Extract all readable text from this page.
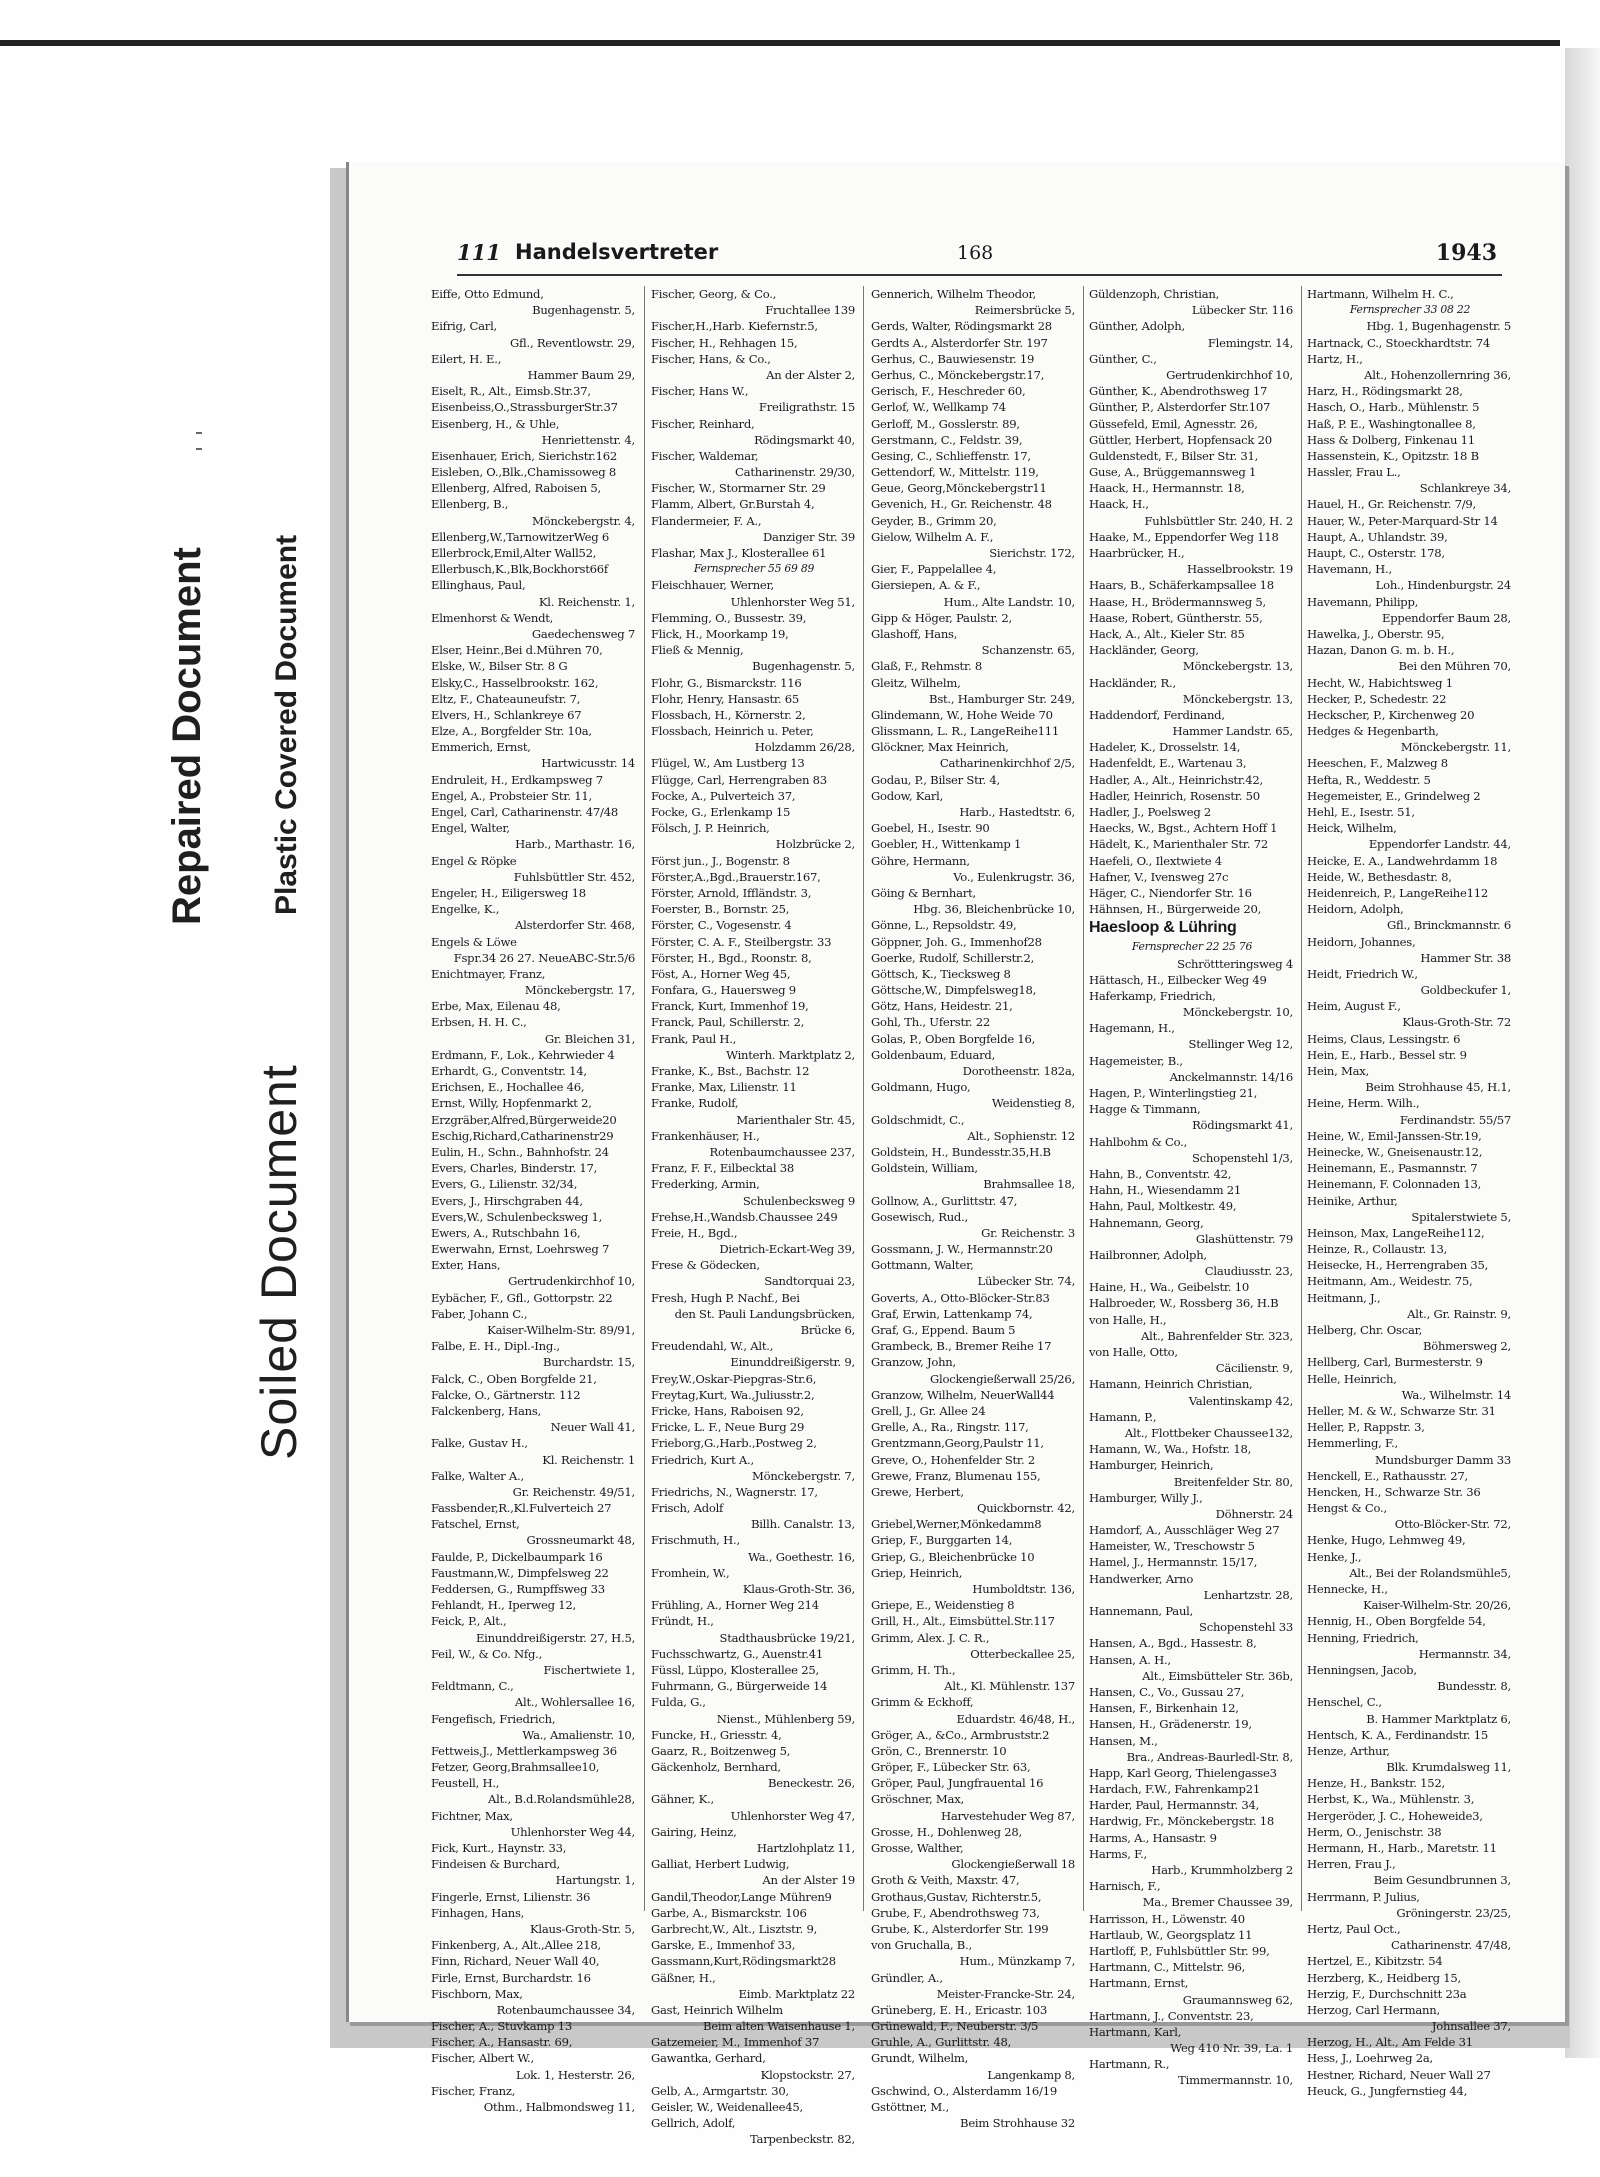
Repaired Document Plastic Covered Document
Soiled Document
111 Handelsvertreter	168	1943
Eiffe, Otto Edmund,
Bugenhagenstr. 5,
Eifrig, Carl,
Gfl., Reventlowstr. 29,
Eilert, H. E.,
Hammer Baum 29,
Eiselt, R., Alt., Eimsb.Str.37,
Eisenbeiss,O.,StrassburgerStr.37
Eisenberg, H., & Uhle,
Henriettenstr. 4,
Eisenhauer, Erich, Sierichstr.162
Eisleben, O.,Blk.,Chamissoweg 8
Ellenberg, Alfred, Raboisen 5,
Ellenberg, B.,
Mönckebergstr. 4,
Ellenberg,W.,TarnowitzerWeg 6
Ellerbrock,Emil,Alter Wall52,
Ellerbusch,K.,Blk,Bockhorst66f
Ellinghaus, Paul,
Kl. Reichenstr. 1,
Elmenhorst & Wendt,
Gaedechensweg 7
Elser, Heinr.,Bei d.Mühren 70,
Elske, W., Bilser Str. 8 G
Elsky,C., Hasselbrookstr. 162,
Eltz, F., Chateauneufstr. 7,
Elvers, H., Schlankreye 67
Elze, A., Borgfelder Str. 10a,
Emmerich, Ernst,
Hartwicusstr. 14
Endruleit, H., Erdkampsweg 7
Engel, A., Probsteier Str. 11,
Engel, Carl, Catharinenstr. 47/48
Engel, Walter,
Harb., Marthastr. 16,
Engel & Röpke
Fuhlsbüttler Str. 452,
Engeler, H., Eiligersweg 18
Engelke, K.,
Alsterdorfer Str. 468,
Engels & Löwe
Fspr.34 26 27. NeueABC-Str.5/6
Enichtmayer, Franz,
Mönckebergstr. 17,
Erbe, Max, Eilenau 48,
Erbsen, H. H. C.,
Gr. Bleichen 31,
Erdmann, F., Lok., Kehrwieder 4
Erhardt, G., Conventstr. 14,
Erichsen, E., Hochallee 46,
Ernst, Willy, Hopfenmarkt 2,
Erzgräber,Alfred,Bürgerweide20
Eschig,Richard,Catharinenstr29
Eulin, H., Schn., Bahnhofstr. 24
Evers, Charles, Binderstr. 17,
Evers, G., Lilienstr. 32/34,
Evers, J., Hirschgraben 44,
Evers,W., Schulenbecksweg 1,
Ewers, A., Rutschbahn 16,
Ewerwahn, Ernst, Loehrsweg 7
Exter, Hans,
Gertrudenkirchhof 10,
Eybächer, F., Gfl., Gottorpstr. 22
Faber, Johann C.,
Kaiser-Wilhelm-Str. 89/91,
Falbe, E. H., Dipl.-Ing.,
Burchardstr. 15,
Falck, C., Oben Borgfelde 21,
Falcke, O., Gärtnerstr. 112
Falckenberg, Hans,
Neuer Wall 41,
Falke, Gustav H.,
Kl. Reichenstr. 1
Falke, Walter A.,
Gr. Reichenstr. 49/51,
Fassbender,R.,Kl.Fulverteich 27
Fatschel, Ernst,
Grossneumarkt 48,
Faulde, P., Dickelbaumpark 16
Faustmann,W., Dimpfelsweg 22
Feddersen, G., Rumpffsweg 33
Fehlandt, H., Iperweg 12,
Feick, P., Alt.,
Einunddreißigerstr. 27, H.5,
Feil, W., & Co. Nfg.,
Fischertwiete 1,
Feldtmann, C.,
Alt., Wohlersallee 16,
Fengefisch, Friedrich,
Wa., Amalienstr. 10,
Fettweis,J., Mettlerkampsweg 36
Fetzer, Georg,Brahmsallee10,
Feustell, H.,
Alt., B.d.Rolandsmühle28,
Fichtner, Max,
Uhlenhorster Weg 44,
Fick, Kurt., Haynstr. 33,
Findeisen & Burchard,
Hartungstr. 1,
Fingerle, Ernst, Lilienstr. 36
Finhagen, Hans,
Klaus-Groth-Str. 5,
Finkenberg, A., Alt.,Allee 218,
Finn, Richard, Neuer Wall 40,
Firle, Ernst, Burchardstr. 16
Fischborn, Max,
Rotenbaumchaussee 34,
Fischer, A., Stuvkamp 13
Fischer, A., Hansastr. 69,
Fischer, Albert W.,
Lok. 1, Hesterstr. 26,
Fischer, Franz,
Othm., Halbmondsweg 11,
Fischer, Georg, & Co.,
Fruchtallee 139
Fischer,H.,Harb. Kiefernstr.5,
Fischer, H., Rehhagen 15,
Fischer, Hans, & Co.,
An der Alster 2,
Fischer, Hans W.,
Freiligrathstr. 15
Fischer, Reinhard,
Rödingsmarkt 40,
Fischer, Waldemar,
Catharinenstr. 29/30,
Fischer, W., Stormarner Str. 29
Flamm, Albert, Gr.Burstah 4,
Flandermeier, F. A.,
Danziger Str. 39
Flashar, Max J., Klosterallee 61
Fernsprecher 55 69 89
Fleischhauer, Werner,
Uhlenhorster Weg 51,
Flemming, O., Bussestr. 39,
Flick, H., Moorkamp 19,
Fließ & Mennig,
Bugenhagenstr. 5,
Flohr, G., Bismarckstr. 116
Flohr, Henry, Hansastr. 65
Flossbach, H., Körnerstr. 2,
Flossbach, Heinrich u. Peter,
Holzdamm 26/28,
Flügel, W., Am Lustberg 13
Flügge, Carl, Herrengraben 83
Focke, A., Pulverteich 37,
Focke, G., Erlenkamp 15
Fölsch, J. P. Heinrich,
Holzbrücke 2,
Först jun., J., Bogenstr. 8
Förster,A.,Bgd.,Brauerstr.167,
Förster, Arnold, Iffländstr. 3,
Foerster, B., Bornstr. 25,
Förster, C., Vogesenstr. 4
Förster, C. A. F., Steilbergstr. 33
Förster, H., Bgd., Roonstr. 8,
Föst, A., Horner Weg 45,
Fonfara, G., Hauersweg 9
Franck, Kurt, Immenhof 19,
Franck, Paul, Schillerstr. 2,
Frank, Paul H.,
Winterh. Marktplatz 2,
Franke, K., Bst., Bachstr. 12
Franke, Max, Lilienstr. 11
Franke, Rudolf,
Marienthaler Str. 45,
Frankenhäuser, H.,
Rotenbaumchaussee 237,
Franz, F. F., Eilbecktal 38
Frederking, Armin,
Schulenbecksweg 9
Frehse,H.,Wandsb.Chaussee 249
Freie, H., Bgd.,
Dietrich-Eckart-Weg 39,
Frese & Gödecken,
Sandtorquai 23,
Fresh, Hugh P. Nachf., Bei
den St. Pauli Landungsbrücken,
Brücke 6,
Freudendahl, W., Alt.,
Einunddreißigerstr. 9,
Frey,W.,Oskar-Piepgras-Str.6,
Freytag,Kurt, Wa.,Juliusstr.2,
Fricke, Hans, Raboisen 92,
Fricke, L. F., Neue Burg 29
Frieborg,G.,Harb.,Postweg 2,
Friedrich, Kurt A.,
Mönckebergstr. 7,
Friedrichs, N., Wagnerstr. 17,
Frisch, Adolf
Billh. Canalstr. 13,
Frischmuth, H.,
Wa., Goethestr. 16,
Fromhein, W.,
Klaus-Groth-Str. 36,
Frühling, A., Horner Weg 214
Fründt, H.,
Stadthausbrücke 19/21,
Fuchsschwartz, G., Auenstr.41
Füssl, Lüppo, Klosterallee 25,
Fuhrmann, G., Bürgerweide 14
Fulda, G.,
Nienst., Mühlenberg 59,
Funcke, H., Griesstr. 4,
Gaarz, R., Boitzenweg 5,
Gäckenholz, Bernhard,
Beneckestr. 26,
Gähner, K.,
Uhlenhorster Weg 47,
Gairing, Heinz,
Hartzlohplatz 11,
Galliat, Herbert Ludwig,
An der Alster 19
Gandil,Theodor,Lange Mühren9
Garbe, A., Bismarckstr. 106
Garbrecht,W., Alt., Lisztstr. 9,
Garske, E., Immenhof 33,
Gassmann,Kurt,Rödingsmarkt28
Gäßner, H.,
Eimb. Marktplatz 22
Gast, Heinrich Wilhelm
Beim alten Waisenhause 1,
Gatzemeier, M., Immenhof 37
Gawantka, Gerhard,
Klopstockstr. 27,
Gelb, A., Armgartstr. 30,
Geisler, W., Weidenallee45,
Gellrich, Adolf,
Tarpenbeckstr. 82,
Gennerich, Wilhelm Theodor,
Reimersbrücke 5,
Gerds, Walter, Rödingsmarkt 28
Gerdts A., Alsterdorfer Str. 197
Gerhus, C., Bauwiesenstr. 19
Gerhus, C., Mönckebergstr.17,
Gerisch, F., Heschreder 60,
Gerlof, W., Wellkamp 74
Gerloff, M., Gosslerstr. 89,
Gerstmann, C., Feldstr. 39,
Gesing, C., Schlieffenstr. 17,
Gettendorf, W., Mittelstr. 119,
Geue, Georg,Mönckebergstr11
Gevenich, H., Gr. Reichenstr. 48
Geyder, B., Grimm 20,
Gielow, Wilhelm A. F.,
Sierichstr. 172,
Gier, F., Pappelallee 4,
Giersiepen, A. & F.,
Hum., Alte Landstr. 10,
Gipp & Höger, Paulstr. 2,
Glashoff, Hans,
Schanzenstr. 65,
Glaß, F., Rehmstr. 8
Gleitz, Wilhelm,
Bst., Hamburger Str. 249,
Glindemann, W., Hohe Weide 70
Glissmann, L. R., LangeReihe111
Glöckner, Max Heinrich,
Catharinenkirchhof 2/5,
Godau, P., Bilser Str. 4,
Godow, Karl,
Harb., Hastedtstr. 6,
Goebel, H., Isestr. 90
Goebler, H., Wittenkamp 1
Göhre, Hermann,
Vo., Eulenkrugstr. 36,
Göing & Bernhart,
Hbg. 36, Bleichenbrücke 10,
Gönne, L., Repsoldstr. 49,
Göppner, Joh. G., Immenhof28
Goerke, Rudolf, Schillerstr.2,
Göttsch, K., Tiecksweg 8
Göttsche,W., Dimpfelsweg18,
Götz, Hans, Heidestr. 21,
Gohl, Th., Uferstr. 22
Golas, P., Oben Borgfelde 16,
Goldenbaum, Eduard,
Dorotheenstr. 182a,
Goldmann, Hugo,
Weidenstieg 8,
Goldschmidt, C.,
Alt., Sophienstr. 12
Goldstein, H., Bundesstr.35,H.B
Goldstein, William,
Brahmsallee 18,
Gollnow, A., Gurlittstr. 47,
Gosewisch, Rud.,
Gr. Reichenstr. 3
Gossmann, J. W., Hermannstr.20
Gottmann, Walter,
Lübecker Str. 74,
Goverts, A., Otto-Blöcker-Str.83
Graf, Erwin, Lattenkamp 74,
Graf, G., Eppend. Baum 5
Grambeck, B., Bremer Reihe 17
Granzow, John,
Glockengießerwall 25/26,
Granzow, Wilhelm, NeuerWall44
Grell, J., Gr. Allee 24
Grelle, A., Ra., Ringstr. 117,
Grentzmann,Georg,Paulstr 11,
Greve, O., Hohenfelder Str. 2
Grewe, Franz, Blumenau 155,
Grewe, Herbert,
Quickbornstr. 42,
Griebel,Werner,Mönkedamm8
Griep, F., Burggarten 14,
Griep, G., Bleichenbrücke 10
Griep, Heinrich,
Humboldtstr. 136,
Griepe, E., Weidenstieg 8
Grill, H., Alt., Eimsbüttel.Str.117
Grimm, Alex. J. C. R.,
Otterbeckallee 25,
Grimm, H. Th.,
Alt., Kl. Mühlenstr. 137
Grimm & Eckhoff,
Eduardstr. 46/48, H.,
Gröger, A., &Co., Armbruststr.2
Grön, C., Brennerstr. 10
Gröper, F., Lübecker Str. 63,
Gröper, Paul, Jungfrauental 16
Gröschner, Max,
Harvestehuder Weg 87,
Grosse, H., Dohlenweg 28,
Grosse, Walther,
Glockengießerwall 18
Groth & Veith, Maxstr. 47,
Grothaus,Gustav, Richterstr.5,
Grube, F., Abendrothsweg 73,
Grube, K., Alsterdorfer Str. 199
von Gruchalla, B.,
Hum., Münzkamp 7,
Gründler, A.,
Meister-Francke-Str. 24,
Grüneberg, E. H., Ericastr. 103
Grünewald, F., Neuberstr. 3/5
Gruhle, A., Gurlittstr. 48,
Grundt, Wilhelm,
Langenkamp 8,
Gschwind, O., Alsterdamm 16/19
Gstöttner, M.,
Beim Strohhause 32
Güldenzoph, Christian,
Lübecker Str. 116
Günther, Adolph,
Flemingstr. 14,
Günther, C.,
Gertrudenkirchhof 10,
Günther, K., Abendrothsweg 17
Günther, P., Alsterdorfer Str.107
Güssefeld, Emil, Agnesstr. 26,
Güttler, Herbert, Hopfensack 20
Guldenstedt, F., Bilser Str. 31,
Guse, A., Brüggemannsweg 1
Haack, H., Hermannstr. 18,
Haack, H.,
Fuhlsbüttler Str. 240, H. 2
Haake, M., Eppendorfer Weg 118
Haarbrücker, H.,
Hasselbrookstr. 19
Haars, B., Schäferkampsallee 18
Haase, H., Brödermannsweg 5,
Haase, Robert, Güntherstr. 55,
Hack, A., Alt., Kieler Str. 85
Hackländer, Georg,
Mönckebergstr. 13,
Hackländer, R.,
Mönckebergstr. 13,
Haddendorf, Ferdinand,
Hammer Landstr. 65,
Hadeler, K., Drosselstr. 14,
Hadenfeldt, E., Wartenau 3,
Hadler, A., Alt., Heinrichstr.42,
Hadler, Heinrich, Rosenstr. 50
Hadler, J., Poelsweg 2
Haecks, W., Bgst., Achtern Hoff 1
Hädelt, K., Marienthaler Str. 72
Haefeli, O., Ilextwiete 4
Hafner, V., Ivensweg 27c
Häger, C., Niendorfer Str. 16
Hähnsen, H., Bürgerweide 20,
Haesloop & Lühring
Fernsprecher 22 25 76
Schröttteringsweg 4
Hättasch, H., Eilbecker Weg 49
Haferkamp, Friedrich,
Mönckebergstr. 10,
Hagemann, H.,
Stellinger Weg 12,
Hagemeister, B.,
Anckelmannstr. 14/16
Hagen, P., Winterlingstieg 21,
Hagge & Timmann,
Rödingsmarkt 41,
Hahlbohm & Co.,
Schopenstehl 1/3,
Hahn, B., Conventstr. 42,
Hahn, H., Wiesendamm 21
Hahn, Paul, Moltkestr. 49,
Hahnemann, Georg,
Glashüttenstr. 79
Hailbronner, Adolph,
Claudiusstr. 23,
Haine, H., Wa., Geibelstr. 10
Halbroeder, W., Rossberg 36, H.B
von Halle, H.,
Alt., Bahrenfelder Str. 323,
von Halle, Otto,
Cäcilienstr. 9,
Hamann, Heinrich Christian,
Valentinskamp 42,
Hamann, P.,
Alt., Flottbeker Chaussee132,
Hamann, W., Wa., Hofstr. 18,
Hamburger, Heinrich,
Breitenfelder Str. 80,
Hamburger, Willy J.,
Döhnerstr. 24
Hamdorf, A., Ausschläger Weg 27
Hameister, W., Treschowstr 5
Hamel, J., Hermannstr. 15/17,
Handwerker, Arno
Lenhartzstr. 28,
Hannemann, Paul,
Schopenstehl 33
Hansen, A., Bgd., Hassestr. 8,
Hansen, A. H.,
Alt., Eimsbütteler Str. 36b,
Hansen, C., Vo., Gussau 27,
Hansen, F., Birkenhain 12,
Hansen, H., Grädenerstr. 19,
Hansen, M.,
Bra., Andreas-Baurledl-Str. 8,
Happ, Karl Georg, Thielengasse3
Hardach, F.W., Fahrenkamp21
Harder, Paul, Hermannstr. 34,
Hardwig, Fr., Mönckebergstr. 18
Harms, A., Hansastr. 9
Harms, F.,
Harb., Krummholzberg 2
Harnisch, F.,
Ma., Bremer Chaussee 39,
Harrisson, H., Löwenstr. 40
Hartlaub, W., Georgsplatz 11
Hartloff, P., Fuhlsbüttler Str. 99,
Hartmann, C., Mittelstr. 96,
Hartmann, Ernst,
Graumannsweg 62,
Hartmann, J., Conventstr. 23,
Hartmann, Karl,
Weg 410 Nr. 39, La. 1
Hartmann, R.,
Timmermannstr. 10,
Hartmann, Wilhelm H. C.,
Fernsprecher 33 08 22
Hbg. 1, Bugenhagenstr. 5
Hartnack, C., Stoeckhardtstr. 74
Hartz, H.,
Alt., Hohenzollernring 36,
Harz, H., Rödingsmarkt 28,
Hasch, O., Harb., Mühlenstr. 5
Haß, P. E., Washingtonallee 8,
Hass & Dolberg, Finkenau 11
Hassenstein, K., Opitzstr. 18 B
Hassler, Frau L.,
Schlankreye 34,
Hauel, H., Gr. Reichenstr. 7/9,
Hauer, W., Peter-Marquard-Str 14
Haupt, A., Uhlandstr. 39,
Haupt, C., Osterstr. 178,
Havemann, H.,
Loh., Hindenburgstr. 24
Havemann, Philipp,
Eppendorfer Baum 28,
Hawelka, J., Oberstr. 95,
Hazan, Danon G. m. b. H.,
Bei den Mühren 70,
Hecht, W., Habichtsweg 1
Hecker, P., Schedestr. 22
Heckscher, P., Kirchenweg 20
Hedges & Hegenbarth,
Mönckebergstr. 11,
Heeschen, F., Malzweg 8
Hefta, R., Weddestr. 5
Hegemeister, E., Grindelweg 2
Hehl, E., Isestr. 51,
Heick, Wilhelm,
Eppendorfer Landstr. 44,
Heicke, E. A., Landwehrdamm 18
Heide, W., Bethesdastr. 8,
Heidenreich, P., LangeReihe112
Heidorn, Adolph,
Gfl., Brinckmannstr. 6
Heidorn, Johannes,
Hammer Str. 38
Heidt, Friedrich W.,
Goldbeckufer 1,
Heim, August F.,
Klaus-Groth-Str. 72
Heims, Claus, Lessingstr. 6
Hein, E., Harb., Bessel str. 9
Hein, Max,
Beim Strohhause 45, H.1,
Heine, Herm. Wilh.,
Ferdinandstr. 55/57
Heine, W., Emil-Janssen-Str.19,
Heinecke, W., Gneisenaustr.12,
Heinemann, E., Pasmannstr. 7
Heinemann, F. Colonnaden 13,
Heinike, Arthur,
Spitalerstwiete 5,
Heinson, Max, LangeReihe112,
Heinze, R., Collaustr. 13,
Heisecke, H., Herrengraben 35,
Heitmann, Am., Weidestr. 75,
Heitmann, J.,
Alt., Gr. Rainstr. 9,
Helberg, Chr. Oscar,
Böhmersweg 2,
Hellberg, Carl, Burmesterstr. 9
Helle, Heinrich,
Wa., Wilhelmstr. 14
Heller, M. & W., Schwarze Str. 31
Heller, P., Rappstr. 3,
Hemmerling, F.,
Mundsburger Damm 33
Henckell, E., Rathausstr. 27,
Hencken, H., Schwarze Str. 36
Hengst & Co.,
Otto-Blöcker-Str. 72,
Henke, Hugo, Lehmweg 49,
Henke, J.,
Alt., Bei der Rolandsmühle5,
Hennecke, H.,
Kaiser-Wilhelm-Str. 20/26,
Hennig, H., Oben Borgfelde 54,
Henning, Friedrich,
Hermannstr. 34,
Henningsen, Jacob,
Bundesstr. 8,
Henschel, C.,
B. Hammer Marktplatz 6,
Hentsch, K. A., Ferdinandstr. 15
Henze, Arthur,
Blk. Krumdalsweg 11,
Henze, H., Bankstr. 152,
Herbst, K., Wa., Mühlenstr. 3,
Hergeröder, J. C., Hoheweide3,
Herm, O., Jenischstr. 38
Hermann, H., Harb., Maretstr. 11
Herren, Frau J.,
Beim Gesundbrunnen 3,
Herrmann, P. Julius,
Gröningerstr. 23/25,
Hertz, Paul Oct.,
Catharinenstr. 47/48,
Hertzel, E., Kibitzstr. 54
Herzberg, K., Heidberg 15,
Herzig, F., Durchschnitt 23a
Herzog, Carl Hermann,
Johnsallee 37,
Herzog, H., Alt., Am Felde 31
Hess, J., Loehrweg 2a,
Hestner, Richard, Neuer Wall 27
Heuck, G., Jungfernstieg 44,
